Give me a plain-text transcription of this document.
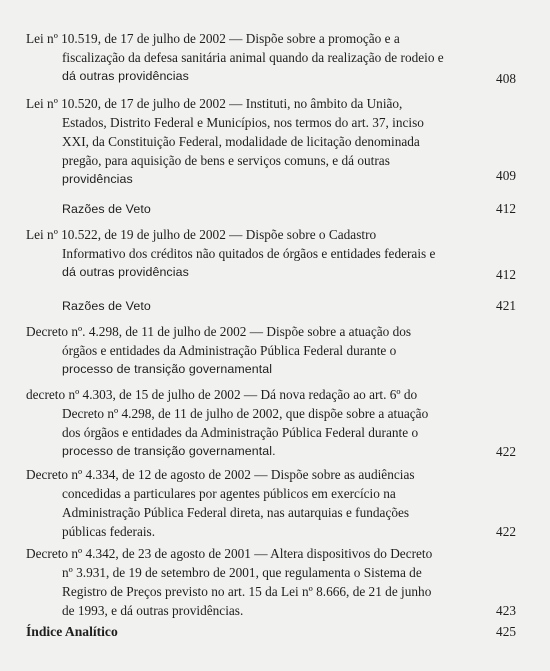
Lei nº 10.519, de 17 de julho de 2002 — Dispõe sobre a promoção e a
fiscalização da defesa sanitária animal quando da realização de rodeio e
dá outras providências	408
Lei nº 10.520, de 17 de julho de 2002 — Instituti, no âmbito da União,
Estados, Distrito Federal e Municípios, nos termos do art. 37, inciso
XXI, da Constituição Federal, modalidade de licitação denominada
pregão, para aquisição de bens e serviços comuns, e dá outras
providências	409
Razões de Veto	412
Lei nº 10.522, de 19 de julho de 2002 — Dispõe sobre o Cadastro
Informativo dos créditos não quitados de órgãos e entidades federais e
dá outras providências	412
Razões de Veto	421
Decreto nº. 4.298, de 11 de julho de 2002 — Dispõe sobre a atuação dos
órgãos e entidades da Administração Pública Federal durante o
processo de transição governamental
decreto nº 4.303, de 15 de julho de 2002 — Dá nova redação ao art. 6º do
Decreto nº 4.298, de 11 de julho de 2002, que dispõe sobre a atuação
dos órgãos e entidades da Administração Pública Federal durante o
processo de transição governamental.	422
Decreto nº 4.334, de 12 de agosto de 2002 — Dispõe sobre as audiências
concedidas a particulares por agentes públicos em exercício na
Administração Pública Federal direta, nas autarquias e fundações
públicas federais.	422
Decreto nº 4.342, de 23 de agosto de 2001 — Altera dispositivos do Decreto
nº 3.931, de 19 de setembro de 2001, que regulamenta o Sistema de
Registro de Preços previsto no art. 15 da Lei nº 8.666, de 21 de junho
de 1993, e dá outras providências.	423
Índice Analítico	425
